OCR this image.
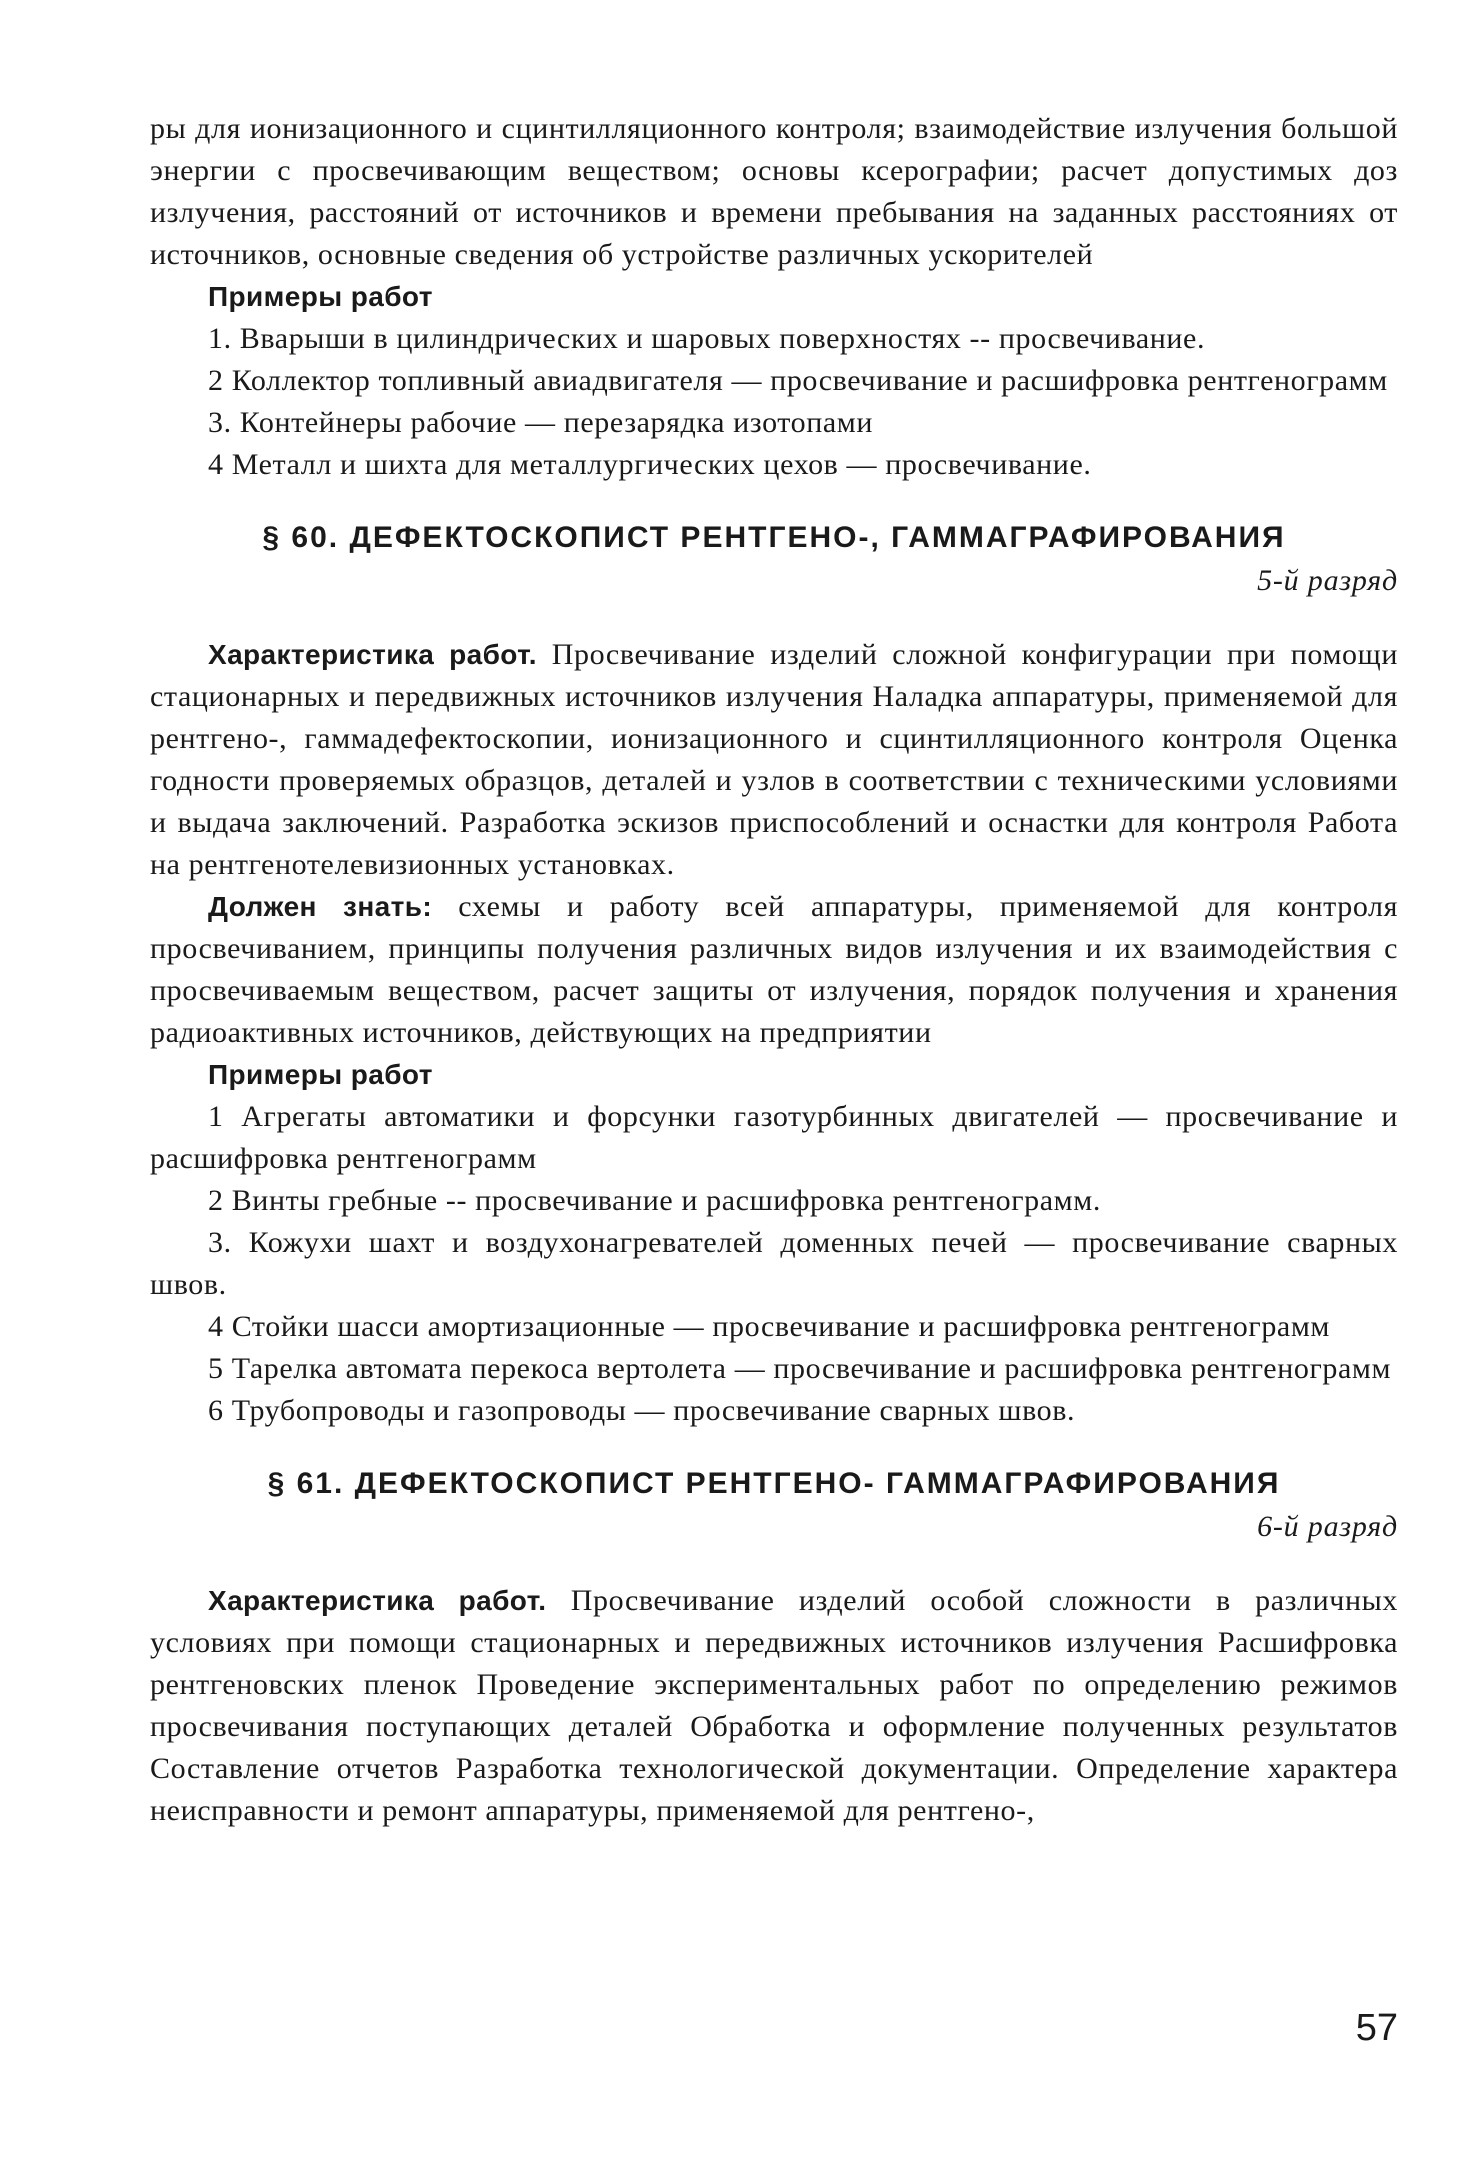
ры для ионизационного и сцинтилляционного контроля; взаимодействие излучения большой энергии с просвечивающим веществом; основы ксерографии; расчет допустимых доз излучения, расстояний от источников и времени пребывания на заданных расстояниях от источников, основные сведения об устройстве различных ускорителей

Примеры работ

1. Вварыши в цилиндрических и шаровых поверхностях -- просвечивание.

2 Коллектор топливный авиадвигателя — просвечивание и расшифровка рентгенограмм

3. Контейнеры рабочие — перезарядка изотопами

4 Металл и шихта для металлургических цехов — просвечивание.

§ 60. ДЕФЕКТОСКОПИСТ РЕНТГЕНО-, ГАММАГРАФИРОВАНИЯ
5-й разряд

Характеристика работ. Просвечивание изделий сложной конфигурации при помощи стационарных и передвижных источников излучения Наладка аппаратуры, применяемой для рентгено-, гаммадефектоскопии, ионизационного и сцинтилляционного контроля Оценка годности проверяемых образцов, деталей и узлов в соответствии с техническими условиями и выдача заключений. Разработка эскизов приспособлений и оснастки для контроля Работа на рентгенотелевизионных установках.

Должен знать: схемы и работу всей аппаратуры, применяемой для контроля просвечиванием, принципы получения различных видов излучения и их взаимодействия с просвечиваемым веществом, расчет защиты от излучения, порядок получения и хранения радиоактивных источников, действующих на предприятии

Примеры работ

1 Агрегаты автоматики и форсунки газотурбинных двигателей — просвечивание и расшифровка рентгенограмм

2 Винты гребные -- просвечивание и расшифровка рентгенограмм.

3. Кожухи шахт и воздухонагревателей доменных печей — просвечивание сварных швов.

4 Стойки шасси амортизационные — просвечивание и расшифровка рентгенограмм

5 Тарелка автомата перекоса вертолета — просвечивание и расшифровка рентгенограмм

6 Трубопроводы и газопроводы — просвечивание сварных швов.

§ 61. ДЕФЕКТОСКОПИСТ РЕНТГЕНО- ГАММАГРАФИРОВАНИЯ
6-й разряд

Характеристика работ. Просвечивание изделий особой сложности в различных условиях при помощи стационарных и передвижных источников излучения Расшифровка рентгеновских пленок Проведение экспериментальных работ по определению режимов просвечивания поступающих деталей Обработка и оформление полученных результатов Составление отчетов Разработка технологической документации. Определение характера неисправности и ремонт аппаратуры, применяемой для рентгено-,

57
